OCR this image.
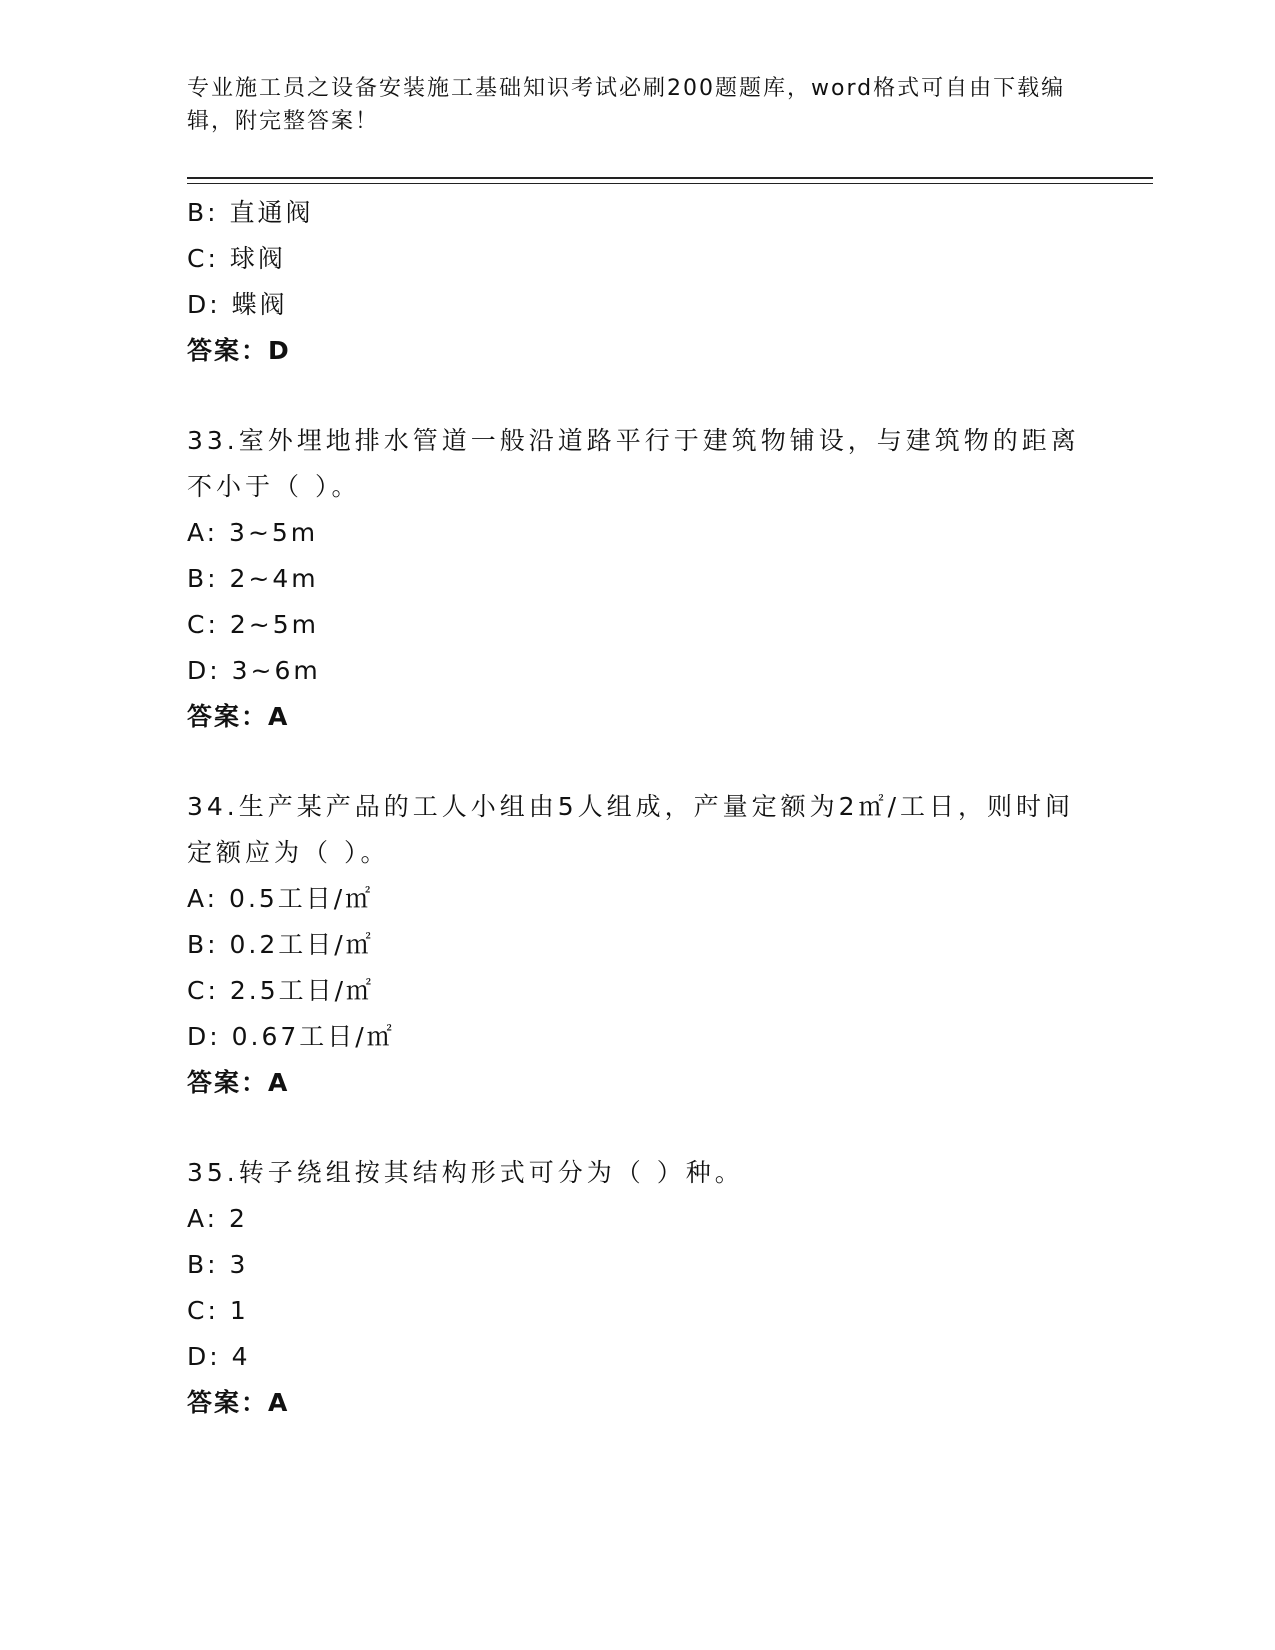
专业施工员之设备安装施工基础知识考试必刷200题题库，word格式可自由下载编辑，附完整答案！
B: 直通阀
C: 球阀
D: 蝶阀
答案：D
33.室外埋地排水管道一般沿道路平行于建筑物铺设，与建筑物的距离不小于（ ）。
A: 3~5m
B: 2~4m
C: 2~5m
D: 3~6m
答案：A
34.生产某产品的工人小组由5人组成，产量定额为2㎡/工日，则时间定额应为（ ）。
A: 0.5工日/㎡
B: 0.2工日/㎡
C: 2.5工日/㎡
D: 0.67工日/㎡
答案：A
35.转子绕组按其结构形式可分为（ ）种。
A: 2
B: 3
C: 1
D: 4
答案：A
